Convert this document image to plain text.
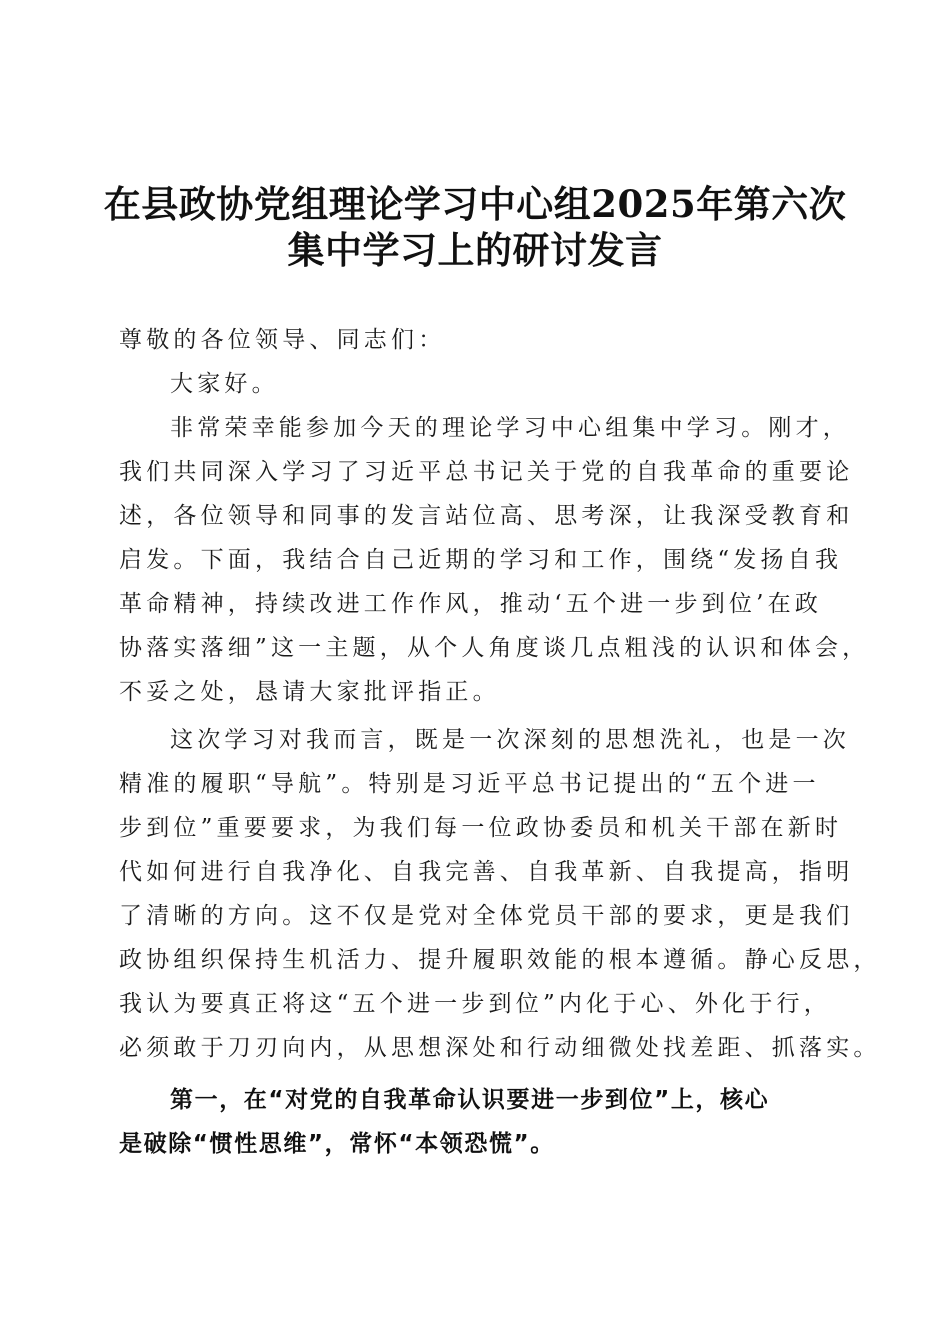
在县政协党组理论学习中心组2025年第六次
集中学习上的研讨发言
尊敬的各位领导、同志们：
大家好。
非常荣幸能参加今天的理论学习中心组集中学习。刚才，
我们共同深入学习了习近平总书记关于党的自我革命的重要论
述，各位领导和同事的发言站位高、思考深，让我深受教育和
启发。下面，我结合自己近期的学习和工作，围绕“发扬自我
革命精神，持续改进工作作风，推动‘五个进一步到位’在政
协落实落细”这一主题，从个人角度谈几点粗浅的认识和体会，
不妥之处，恳请大家批评指正。
这次学习对我而言，既是一次深刻的思想洗礼，也是一次
精准的履职“导航”。特别是习近平总书记提出的“五个进一
步到位”重要要求，为我们每一位政协委员和机关干部在新时
代如何进行自我净化、自我完善、自我革新、自我提高，指明
了清晰的方向。这不仅是党对全体党员干部的要求，更是我们
政协组织保持生机活力、提升履职效能的根本遵循。静心反思，
我认为要真正将这“五个进一步到位”内化于心、外化于行，
必须敢于刀刃向内，从思想深处和行动细微处找差距、抓落实。
第一，在“对党的自我革命认识要进一步到位”上，核心
是破除“惯性思维”，常怀“本领恐慌”。
